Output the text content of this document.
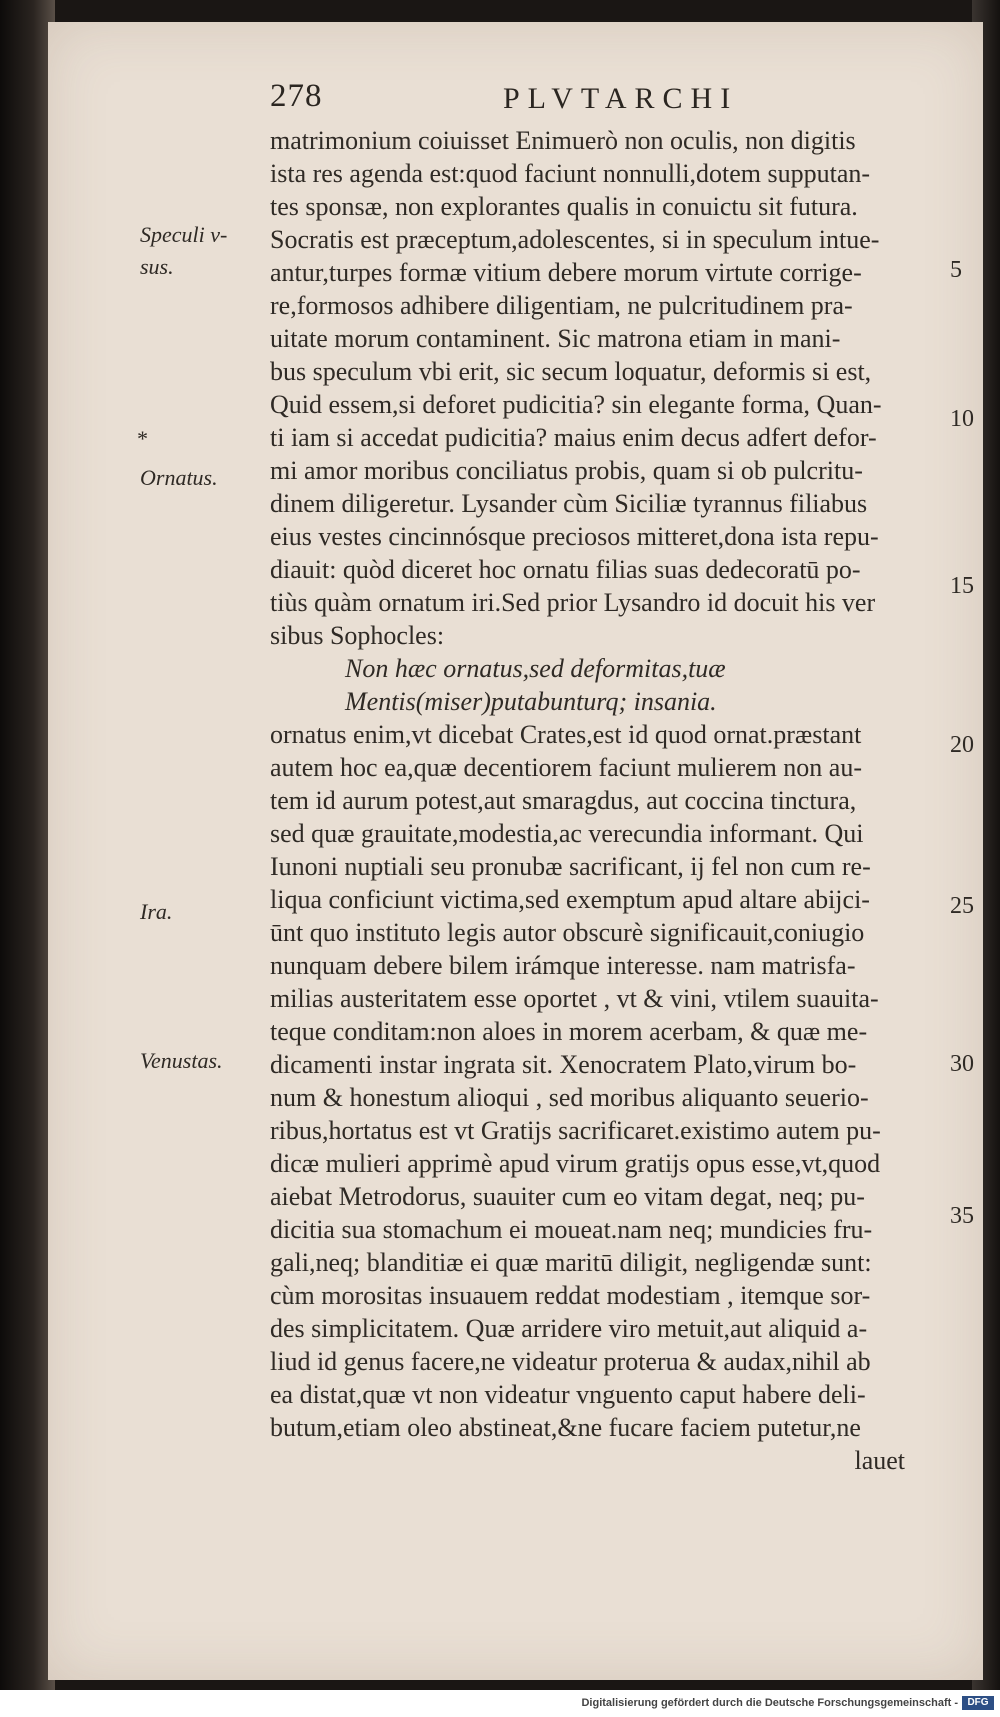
278	PLVTARCHI
matrimonium coiuisset Enimuerò non oculis, non digitis
ista res agenda est:quod faciunt nonnulli,dotem supputan-
tes sponsæ, non explorantes qualis in conuictu sit futura.
Socratis est præceptum,adolescentes, si in speculum intue-
antur,turpes formæ vitium debere morum virtute corrige-
re,formosos adhibere diligentiam, ne pulcritudinem pra-
uitate morum contaminent. Sic matrona etiam in mani-
bus speculum vbi erit, sic secum loquatur, deformis si est,
Quid essem,si deforet pudicitia? sin elegante forma, Quan-
ti iam si accedat pudicitia? maius enim decus adfert defor-
mi amor moribus conciliatus probis, quam si ob pulcritu-
dinem diligeretur. Lysander cùm Siciliæ tyrannus filiabus
eius vestes cincinnósque preciosos mitteret,dona ista repu-
diauit: quòd diceret hoc ornatu filias suas dedecoratū po-
tiùs quàm ornatum iri.Sed prior Lysandro id docuit his ver
sibus Sophocles:
Non hæc ornatus,sed deformitas,tuæ
Mentis(miser)putabunturq; insania.
ornatus enim,vt dicebat Crates,est id quod ornat.præstant
autem hoc ea,quæ decentiorem faciunt mulierem non au-
tem id aurum potest,aut smaragdus, aut coccina tinctura,
sed quæ grauitate,modestia,ac verecundia informant. Qui
Iunoni nuptiali seu pronubæ sacrificant, ij fel non cum re-
liqua conficiunt victima,sed exemptum apud altare abijci-
ūnt quo instituto legis autor obscurè significauit,coniugio
nunquam debere bilem irámque interesse. nam matrisfa-
milias austeritatem esse oportet , vt & vini, vtilem suauita-
teque conditam:non aloes in morem acerbam, & quæ me-
dicamenti instar ingrata sit. Xenocratem Plato,virum bo-
num & honestum alioqui , sed moribus aliquanto seuerio-
ribus,hortatus est vt Gratijs sacrificaret.existimo autem pu-
dicæ mulieri apprimè apud virum gratijs opus esse,vt,quod
aiebat Metrodorus, suauiter cum eo vitam degat, neq; pu-
dicitia sua stomachum ei moueat.nam neq; mundicies fru-
gali,neq; blanditiæ ei quæ maritū diligit, negligendæ sunt:
cùm morositas insuauem reddat modestiam , itemque sor-
des simplicitatem. Quæ arridere viro metuit,aut aliquid a-
liud id genus facere,ne videatur proterua & audax,nihil ab
ea distat,quæ vt non videatur vnguento caput habere deli-
butum,etiam oleo abstineat,&ne fucare faciem putetur,ne
lauet
Speculi v-
sus.
*
Ornatus.
Ira.
Venustas.
5
10
15
20
25
30
35
Digitalisierung gefördert durch die Deutsche Forschungsgemeinschaft - DFG
